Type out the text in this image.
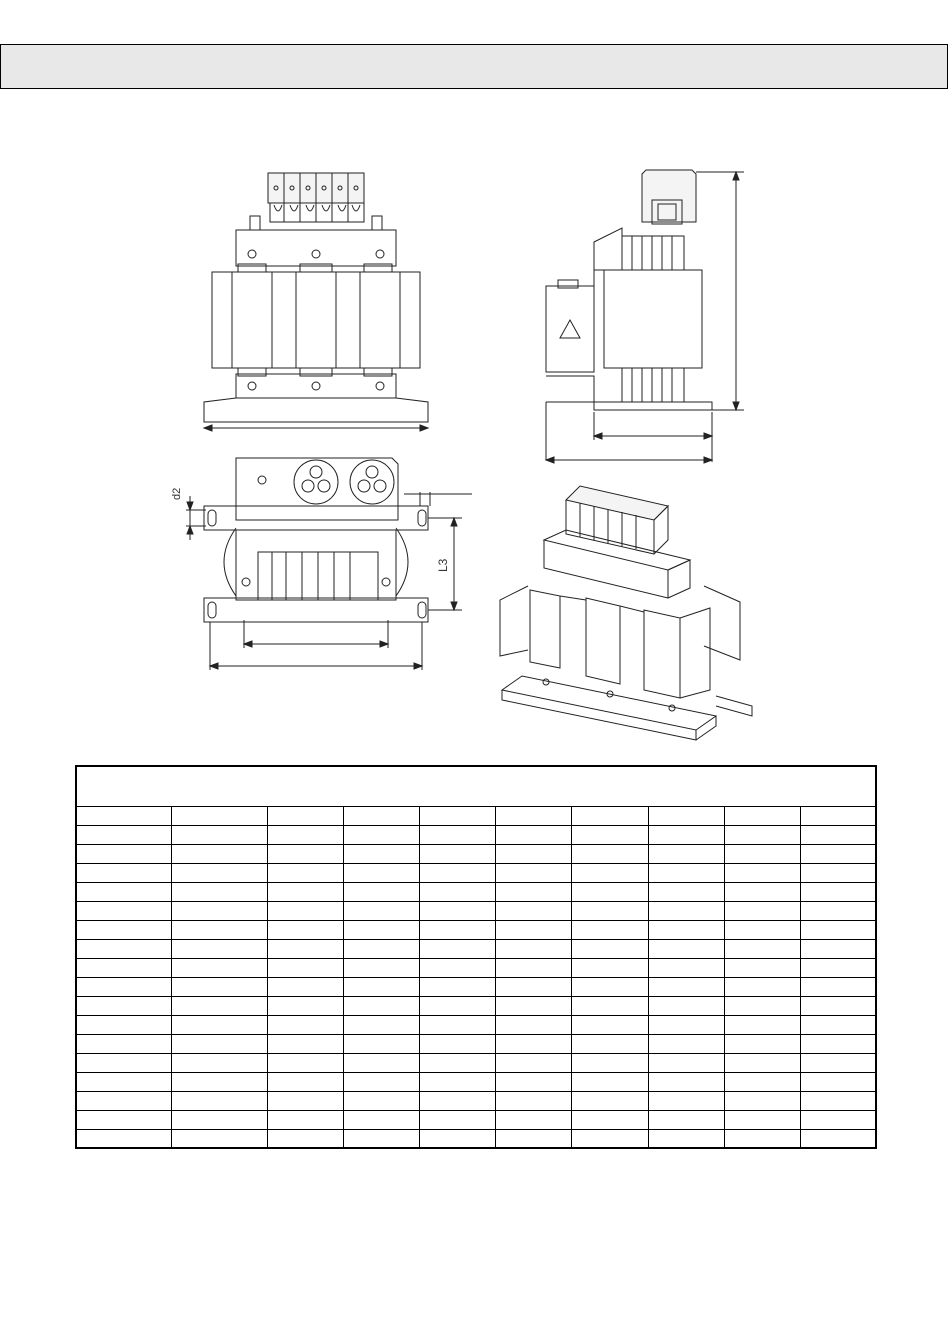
d2
L3
